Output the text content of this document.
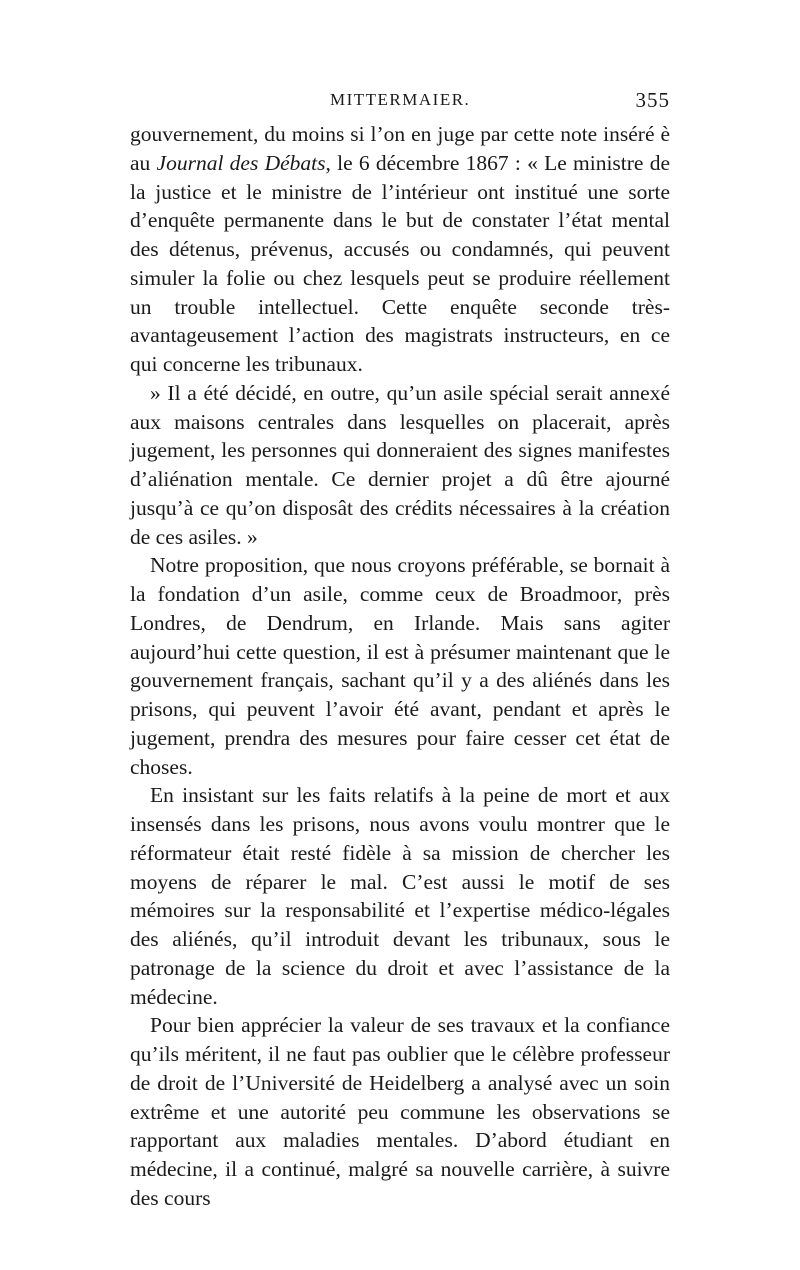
MITTERMAIER.	355

gouvernement, du moins si l’on en juge par cette note inséré è au Journal des Débats, le 6 décembre 1867 : « Le ministre de la justice et le ministre de l’intérieur ont institué une sorte d’enquête permanente dans le but de constater l’état mental des détenus, prévenus, accusés ou condamnés, qui peuvent simuler la folie ou chez lesquels peut se produire réellement un trouble intellectuel. Cette enquête seconde très-avantageusement l’action des magistrats instructeurs, en ce qui concerne les tribunaux.

» Il a été décidé, en outre, qu’un asile spécial serait annexé aux maisons centrales dans lesquelles on placerait, après jugement, les personnes qui donneraient des signes manifestes d’aliénation mentale. Ce dernier projet a dû être ajourné jusqu’à ce qu’on disposât des crédits nécessaires à la création de ces asiles. »

Notre proposition, que nous croyons préférable, se bornait à la fondation d’un asile, comme ceux de Broadmoor, près Londres, de Dendrum, en Irlande. Mais sans agiter aujourd’hui cette question, il est à présumer maintenant que le gouvernement français, sachant qu’il y a des aliénés dans les prisons, qui peuvent l’avoir été avant, pendant et après le jugement, prendra des mesures pour faire cesser cet état de choses.

En insistant sur les faits relatifs à la peine de mort et aux insensés dans les prisons, nous avons voulu montrer que le réformateur était resté fidèle à sa mission de chercher les moyens de réparer le mal. C’est aussi le motif de ses mémoires sur la responsabilité et l’expertise médico-légales des aliénés, qu’il introduit devant les tribunaux, sous le patronage de la science du droit et avec l’assistance de la médecine.

Pour bien apprécier la valeur de ses travaux et la confiance qu’ils méritent, il ne faut pas oublier que le célèbre professeur de droit de l’Université de Heidelberg a analysé avec un soin extrême et une autorité peu commune les observations se rapportant aux maladies mentales. D’abord étudiant en médecine, il a continué, malgré sa nouvelle carrière, à suivre des cours
